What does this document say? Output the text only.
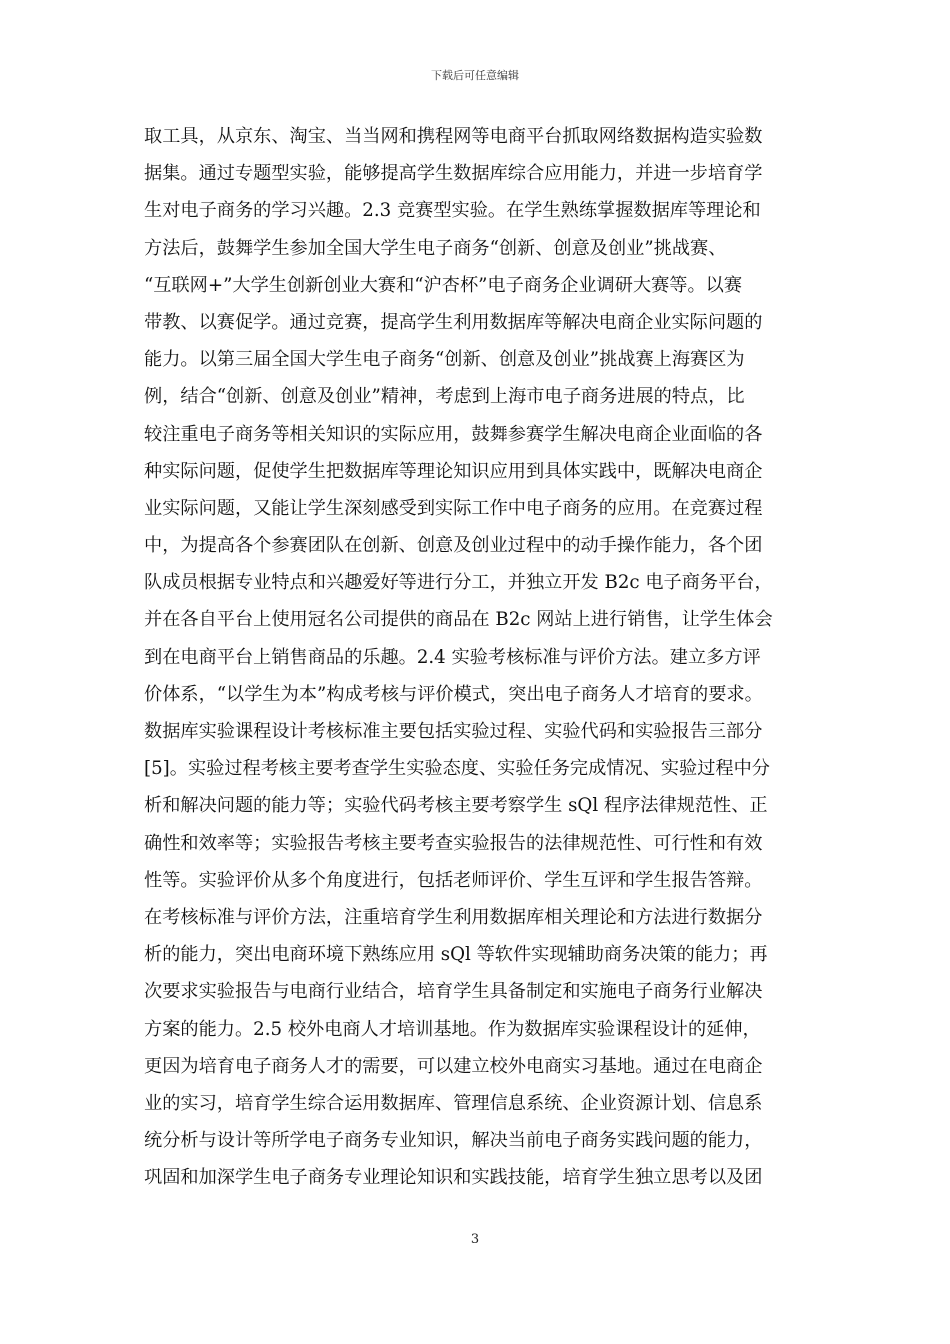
下载后可任意编辑
取工具，从京东、淘宝、当当网和携程网等电商平台抓取网络数据构造实验数
据集。通过专题型实验，能够提高学生数据库综合应用能力，并进一步培育学
生对电子商务的学习兴趣。2.3 竞赛型实验。在学生熟练掌握数据库等理论和
方法后，鼓舞学生参加全国大学生电子商务“创新、创意及创业”挑战赛、
“互联网+”大学生创新创业大赛和“沪杏杯”电子商务企业调研大赛等。以赛
带教、以赛促学。通过竞赛，提高学生利用数据库等解决电商企业实际问题的
能力。以第三届全国大学生电子商务“创新、创意及创业”挑战赛上海赛区为
例，结合“创新、创意及创业”精神，考虑到上海市电子商务进展的特点，比
较注重电子商务等相关知识的实际应用，鼓舞参赛学生解决电商企业面临的各
种实际问题，促使学生把数据库等理论知识应用到具体实践中，既解决电商企
业实际问题，又能让学生深刻感受到实际工作中电子商务的应用。在竞赛过程
中，为提高各个参赛团队在创新、创意及创业过程中的动手操作能力，各个团
队成员根据专业特点和兴趣爱好等进行分工，并独立开发 B2c 电子商务平台，
并在各自平台上使用冠名公司提供的商品在 B2c 网站上进行销售，让学生体会
到在电商平台上销售商品的乐趣。2.4 实验考核标准与评价方法。建立多方评
价体系，“以学生为本”构成考核与评价模式，突出电子商务人才培育的要求。
数据库实验课程设计考核标准主要包括实验过程、实验代码和实验报告三部分
[5]。实验过程考核主要考查学生实验态度、实验任务完成情况、实验过程中分
析和解决问题的能力等；实验代码考核主要考察学生 sQl 程序法律规范性、正
确性和效率等；实验报告考核主要考查实验报告的法律规范性、可行性和有效
性等。实验评价从多个角度进行，包括老师评价、学生互评和学生报告答辩。
在考核标准与评价方法，注重培育学生利用数据库相关理论和方法进行数据分
析的能力，突出电商环境下熟练应用 sQl 等软件实现辅助商务决策的能力；再
次要求实验报告与电商行业结合，培育学生具备制定和实施电子商务行业解决
方案的能力。2.5 校外电商人才培训基地。作为数据库实验课程设计的延伸，
更因为培育电子商务人才的需要，可以建立校外电商实习基地。通过在电商企
业的实习，培育学生综合运用数据库、管理信息系统、企业资源计划、信息系
统分析与设计等所学电子商务专业知识，解决当前电子商务实践问题的能力，
巩固和加深学生电子商务专业理论知识和实践技能，培育学生独立思考以及团
3
